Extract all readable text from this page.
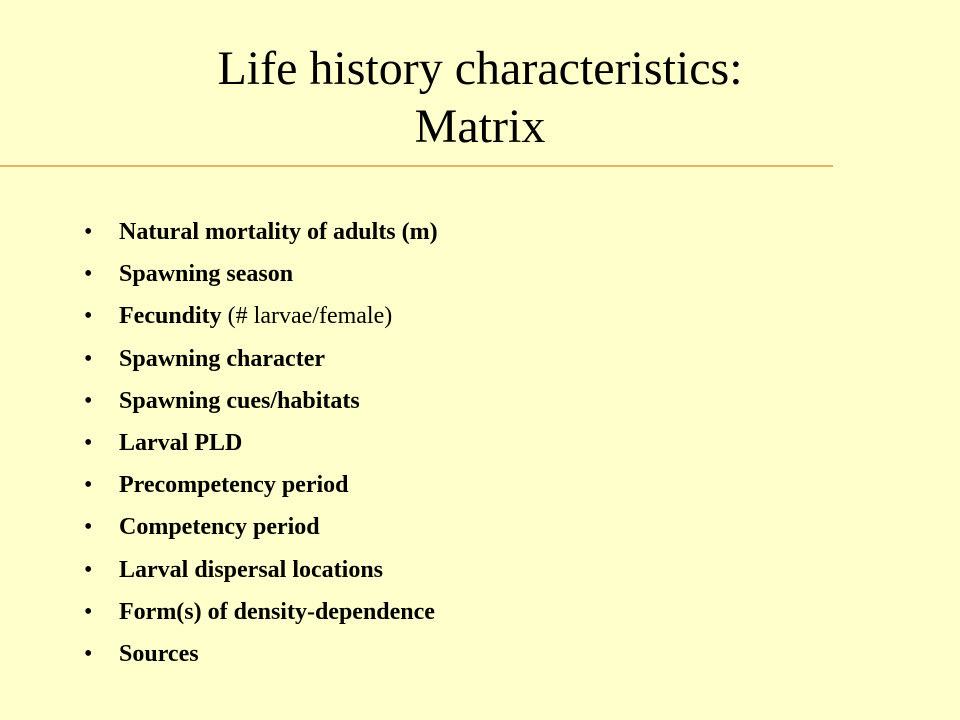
Life history characteristics:
Matrix
• Natural mortality of adults (m)
• Spawning season
• Fecundity (# larvae/female)
• Spawning character
• Spawning cues/habitats
• Larval PLD
• Precompetency period
• Competency period
• Larval dispersal locations
• Form(s) of density-dependence
• Sources
